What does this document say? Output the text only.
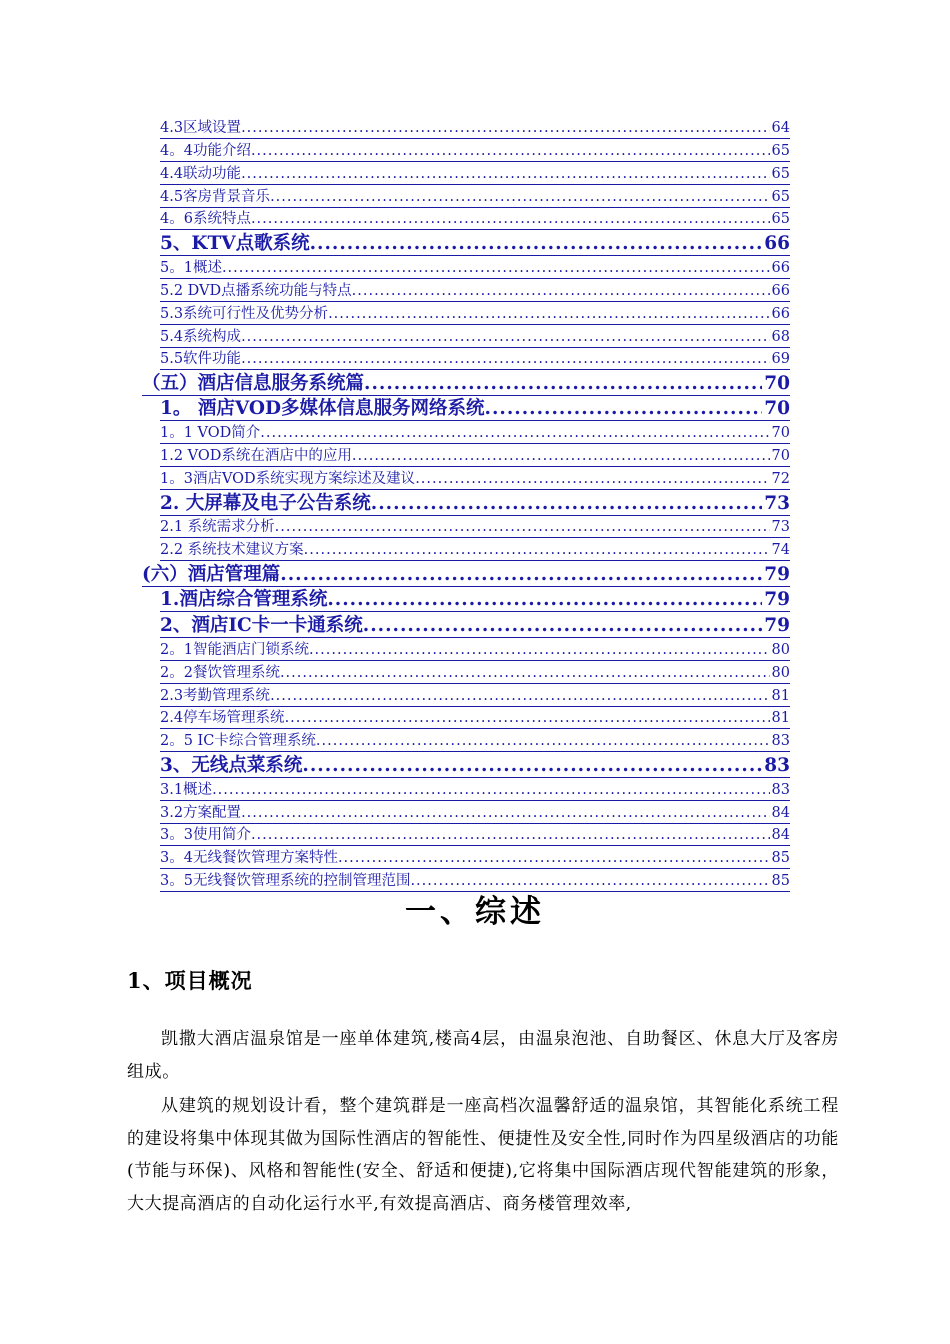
4.3区域设置 .....	64
4。4功能介绍 .....	65
4.4联动功能 .....	65
4.5客房背景音乐 .....	65
4。6系统特点 .....	65
5、KTV点歌系统 .....	66
5。1概述 .....	66
5.2 DVD点播系统功能与特点 .....	66
5.3系统可行性及优势分析 .....	66
5.4系统构成 .....	68
5.5软件功能 .....	69
（五）酒店信息服务系统篇 .....	70
1。 酒店VOD多媒体信息服务网络系统 .....	70
1。1 VOD简介 .....	70
1.2 VOD系统在酒店中的应用 .....	70
1。3酒店VOD系统实现方案综述及建议 .....	72
2. 大屏幕及电子公告系统 .....	73
2.1 系统需求分析 .....	73
2.2 系统技术建议方案 .....	74
(六）酒店管理篇 .....	79
1.酒店综合管理系统 .....	79
2、酒店IC卡一卡通系统 .....	79
2。1智能酒店门锁系统 .....	80
2。2餐饮管理系统 .....	80
2.3考勤管理系统 .....	81
2.4停车场管理系统 .....	81
2。5 IC卡综合管理系统 .....	83
3、无线点菜系统 .....	83
3.1概述 .....	83
3.2方案配置 .....	84
3。3使用简介 .....	84
3。4无线餐饮管理方案特性 .....	85
3。5无线餐饮管理系统的控制管理范围 .....	85
一、综述
1、项目概况

凯撒大酒店温泉馆是一座单体建筑,楼高4层，由温泉泡池、自助餐区、休息大厅及客房组成。

从建筑的规划设计看，整个建筑群是一座高档次温馨舒适的温泉馆，其智能化系统工程的建设将集中体现其做为国际性酒店的智能性、便捷性及安全性,同时作为四星级酒店的功能(节能与环保)、风格和智能性(安全、舒适和便捷),它将集中国际酒店现代智能建筑的形象，大大提高酒店的自动化运行水平,有效提高酒店、商务楼管理效率,
